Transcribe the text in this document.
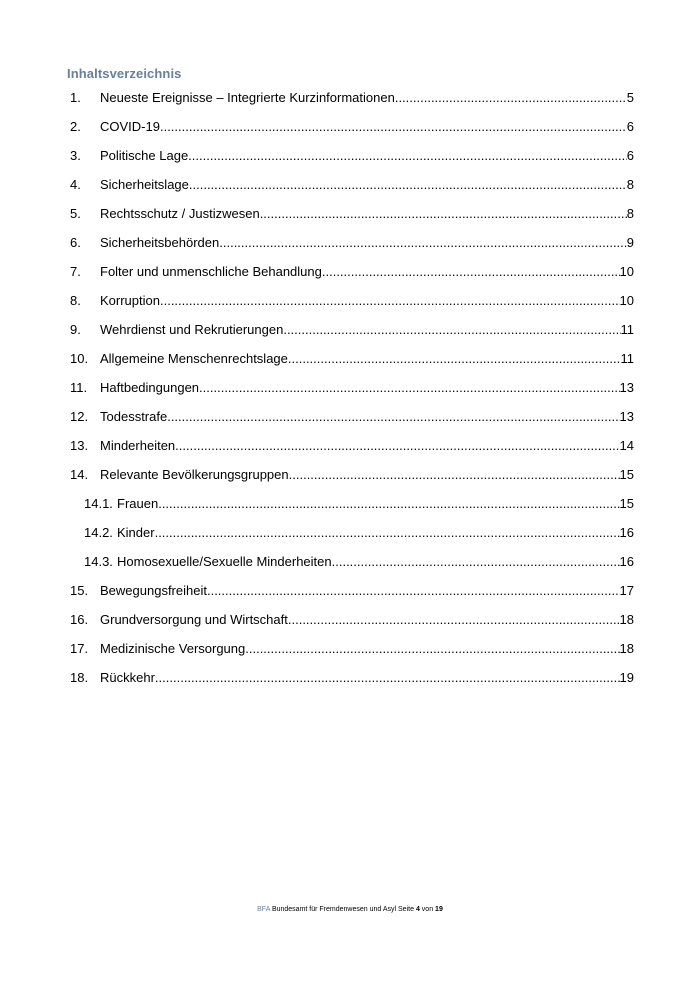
Inhaltsverzeichnis
1. Neueste Ereignisse – Integrierte Kurzinformationen .....	5
2. COVID-19 .....	6
3. Politische Lage .....	6
4. Sicherheitslage .....	8
5. Rechtsschutz / Justizwesen .....	8
6. Sicherheitsbehörden .....	9
7. Folter und unmenschliche Behandlung .....	10
8. Korruption .....	10
9. Wehrdienst und Rekrutierungen .....	11
10. Allgemeine Menschenrechtslage .....	11
11. Haftbedingungen .....	13
12. Todesstrafe .....	13
13. Minderheiten .....	14
14. Relevante Bevölkerungsgruppen .....	15
14.1. Frauen .....	15
14.2. Kinder .....	16
14.3. Homosexuelle/Sexuelle Minderheiten .....	16
15. Bewegungsfreiheit .....	17
16. Grundversorgung und Wirtschaft .....	18
17. Medizinische Versorgung .....	18
18. Rückkehr .....	19
BFA Bundesamt für Fremdenwesen und Asyl Seite 4 von 19
